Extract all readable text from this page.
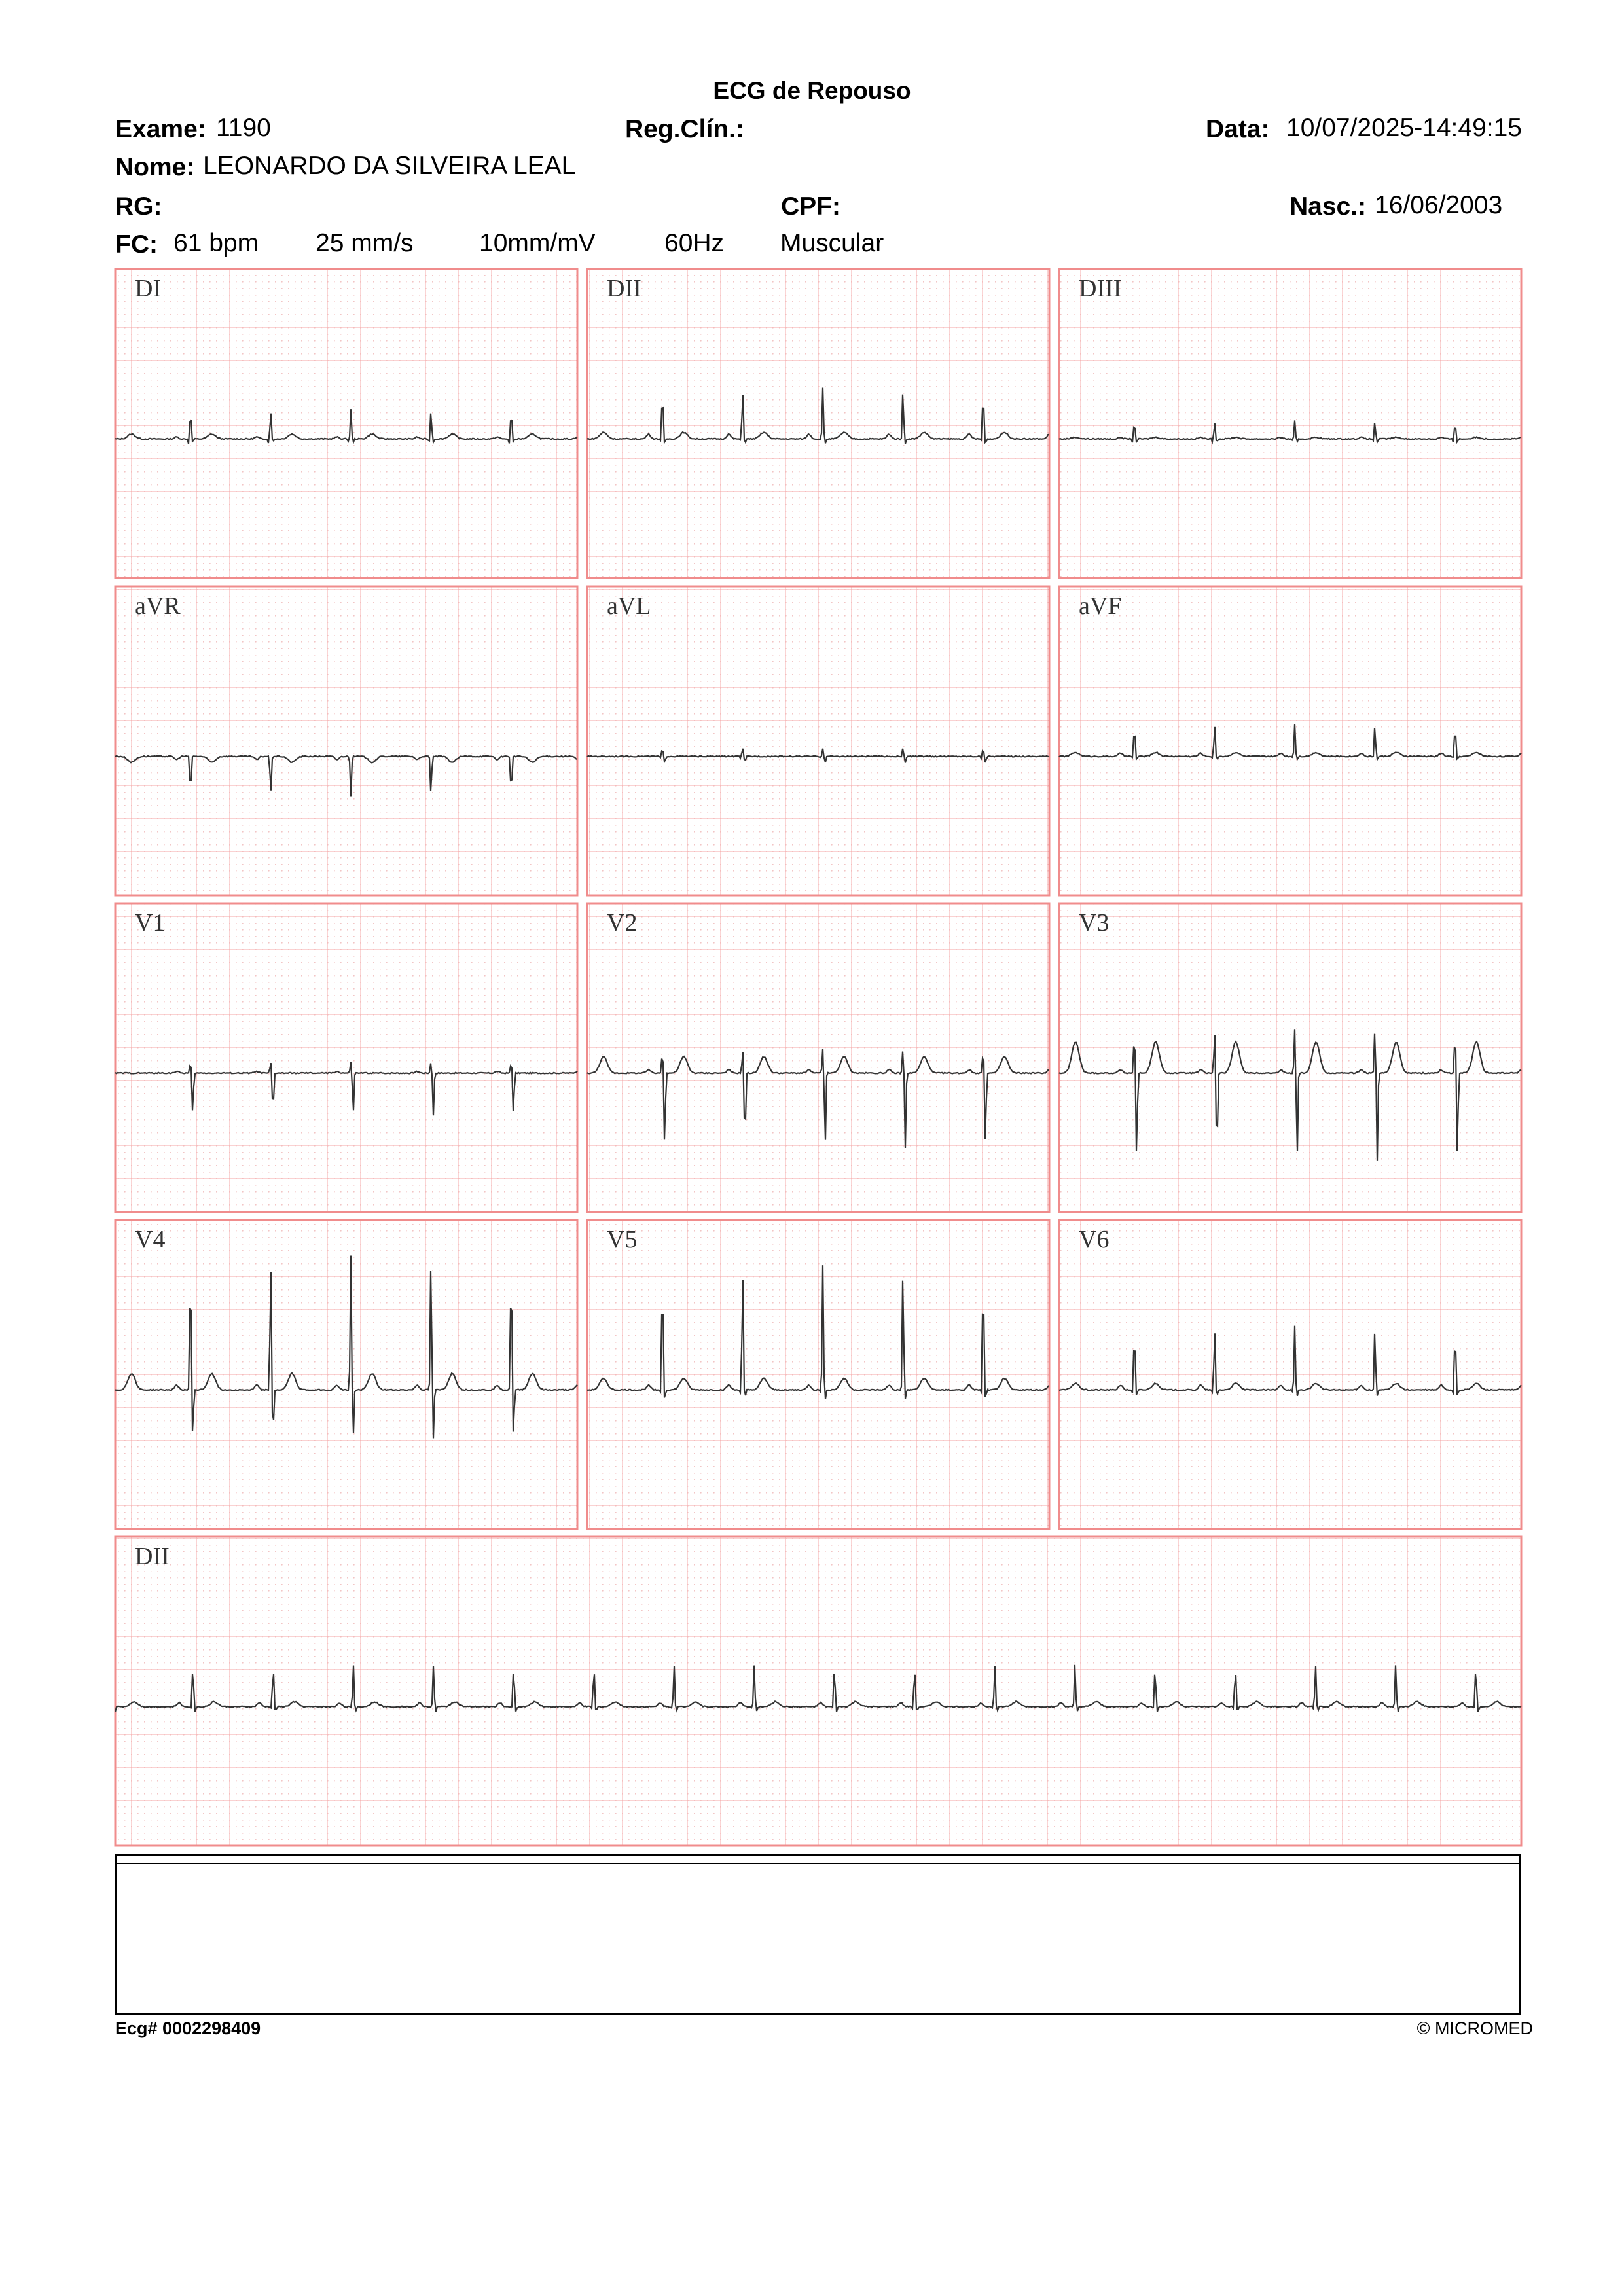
ECG de Repouso
Exame: 1190	Reg.Clín.:	Data: 10/07/2025-14:49:15
Nome: LEONARDO DA SILVEIRA LEAL
RG:	CPF:	Nasc.: 16/06/2003
FC: 61 bpm 25 mm/s	10mm/mV	60Hz Muscular
DI	DII	DIII
aVR	aVL	aVF
V1	V2	V3
V4	V5	V6
DII
Ecg# 0002298409	© MICROMED
